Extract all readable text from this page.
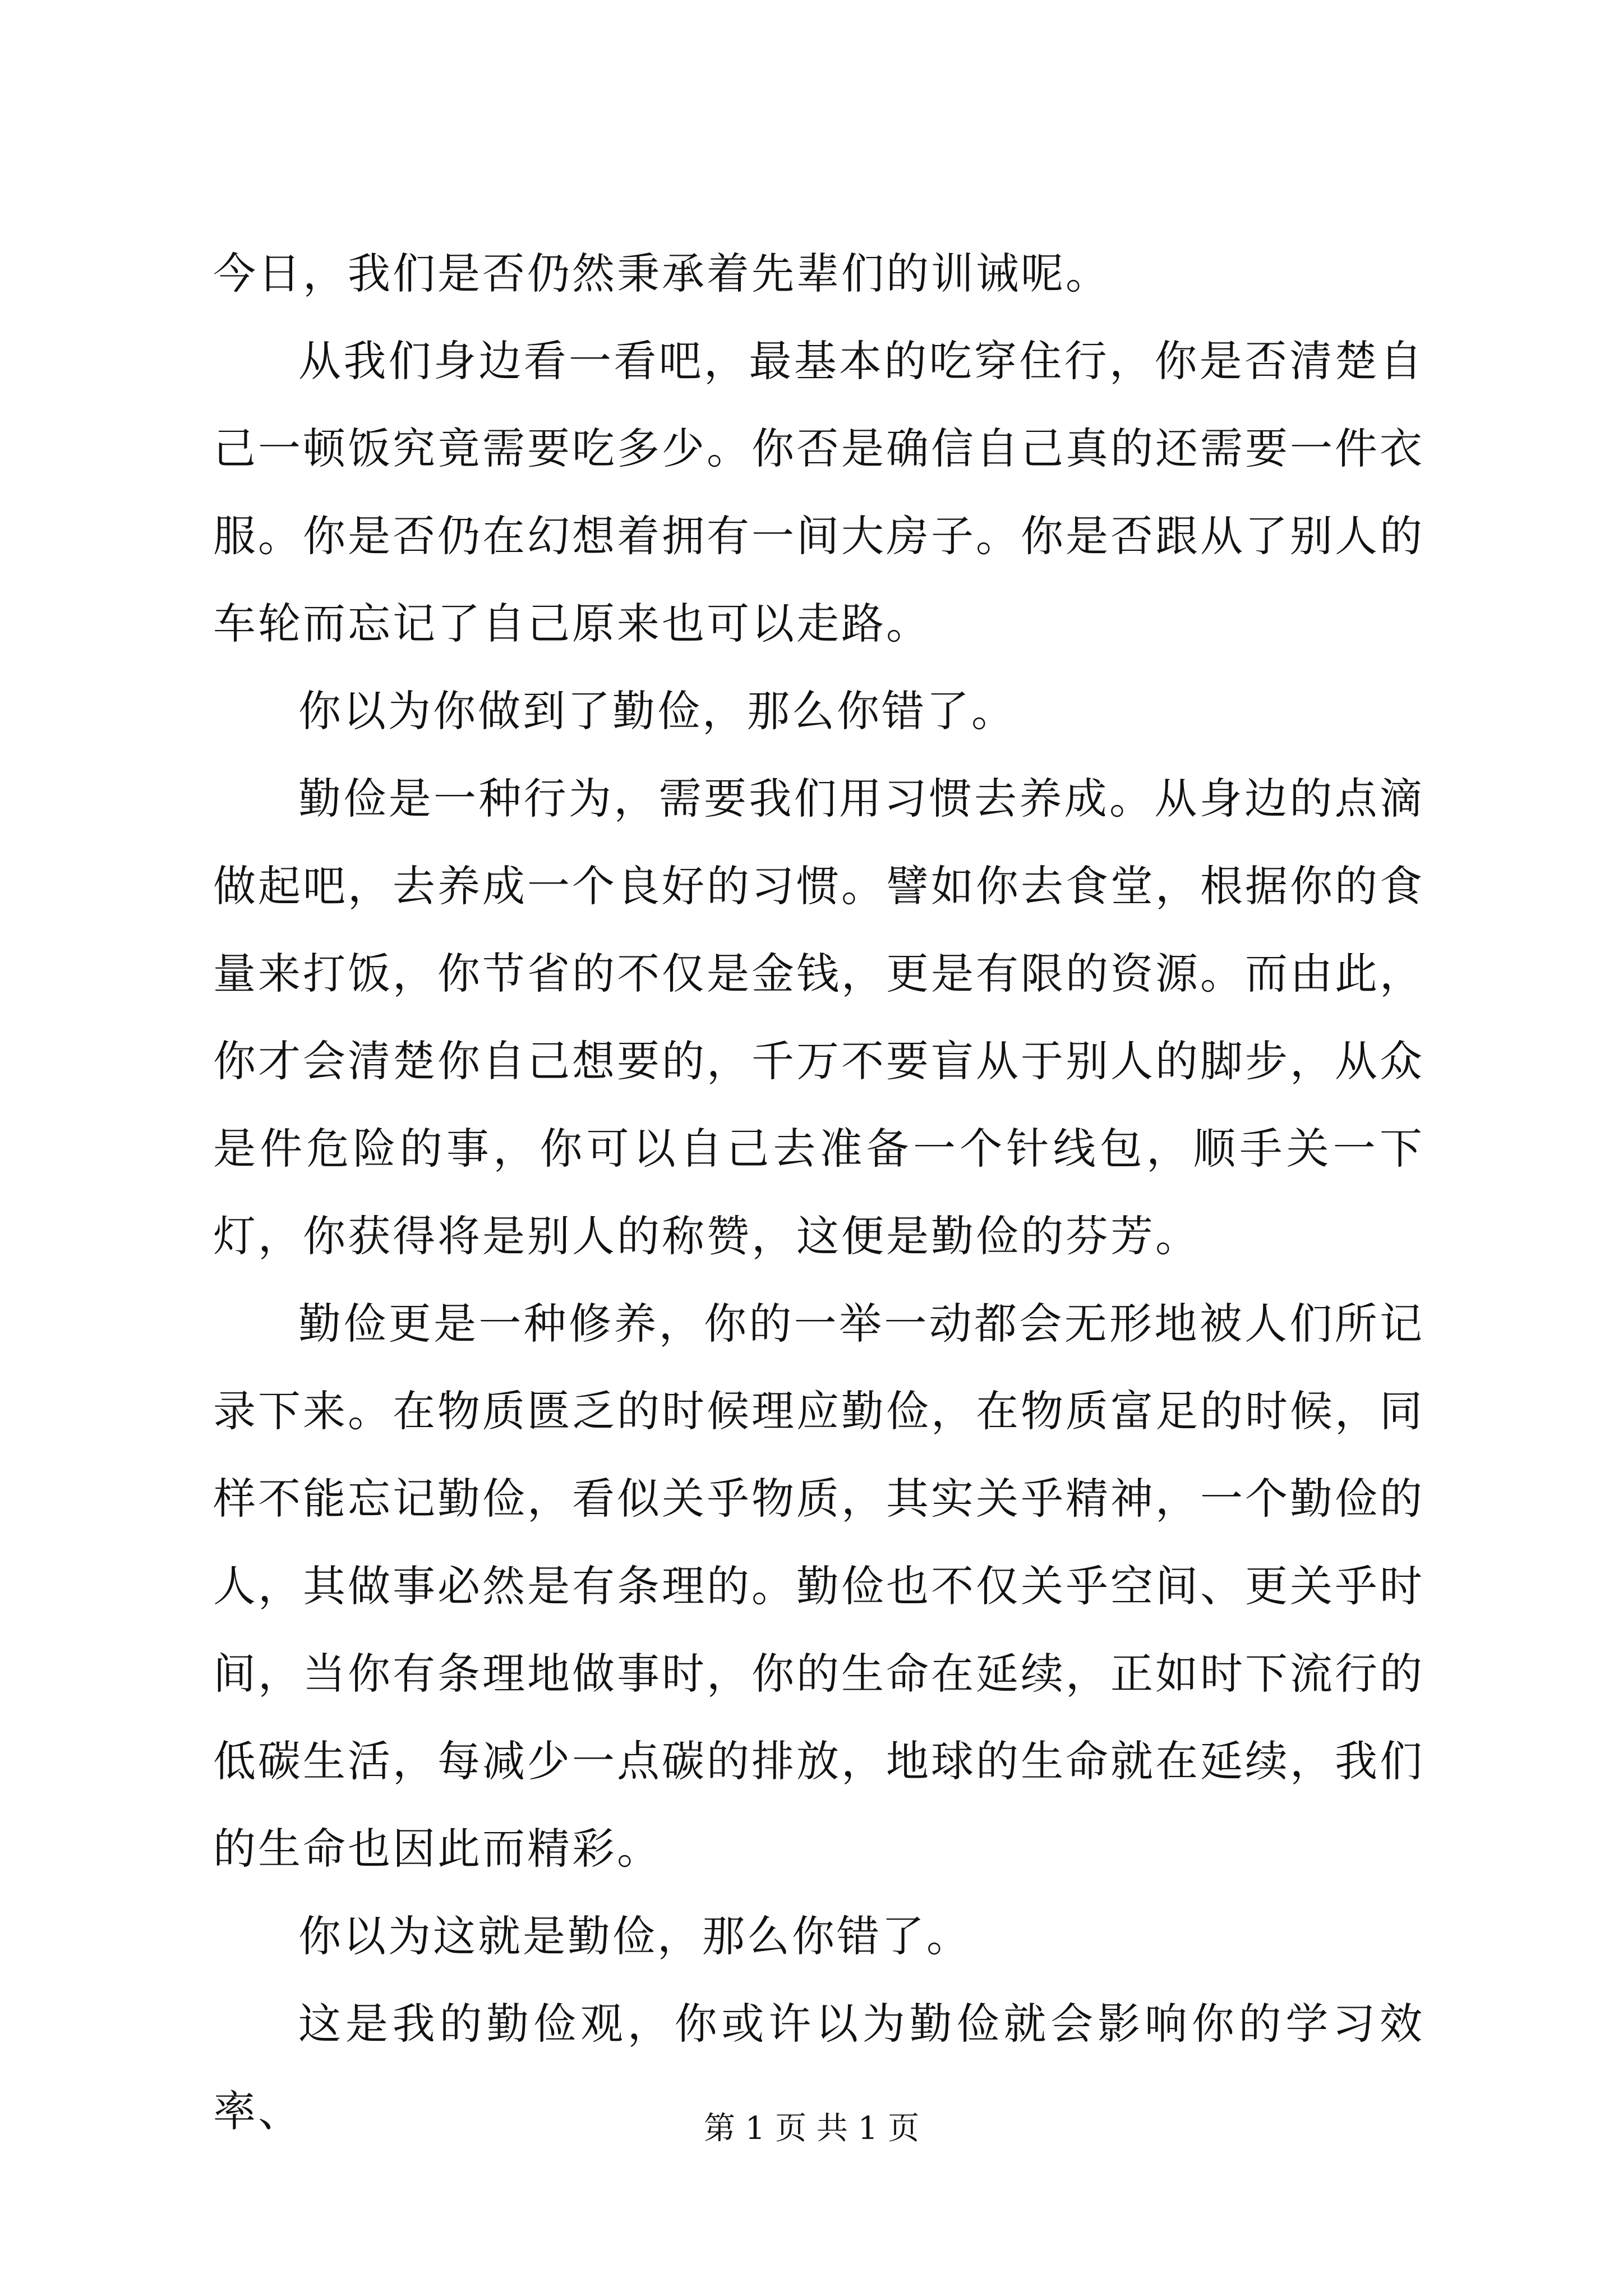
今日，我们是否仍然秉承着先辈们的训诫呢。

从我们身边看一看吧，最基本的吃穿住行，你是否清楚自己一顿饭究竟需要吃多少。你否是确信自己真的还需要一件衣服。你是否仍在幻想着拥有一间大房子。你是否跟从了别人的车轮而忘记了自己原来也可以走路。

你以为你做到了勤俭，那么你错了。

勤俭是一种行为，需要我们用习惯去养成。从身边的点滴做起吧，去养成一个良好的习惯。譬如你去食堂，根据你的食量来打饭，你节省的不仅是金钱，更是有限的资源。而由此，你才会清楚你自己想要的，千万不要盲从于别人的脚步，从众是件危险的事，你可以自己去准备一个针线包，顺手关一下灯，你获得将是别人的称赞，这便是勤俭的芬芳。

勤俭更是一种修养，你的一举一动都会无形地被人们所记录下来。在物质匮乏的时候理应勤俭，在物质富足的时候，同样不能忘记勤俭，看似关乎物质，其实关乎精神，一个勤俭的人，其做事必然是有条理的。勤俭也不仅关乎空间、更关乎时间，当你有条理地做事时，你的生命在延续，正如时下流行的低碳生活，每减少一点碳的排放，地球的生命就在延续，我们的生命也因此而精彩。

你以为这就是勤俭，那么你错了。

这是我的勤俭观，你或许以为勤俭就会影响你的学习效率、	第 1 页 共 1 页
